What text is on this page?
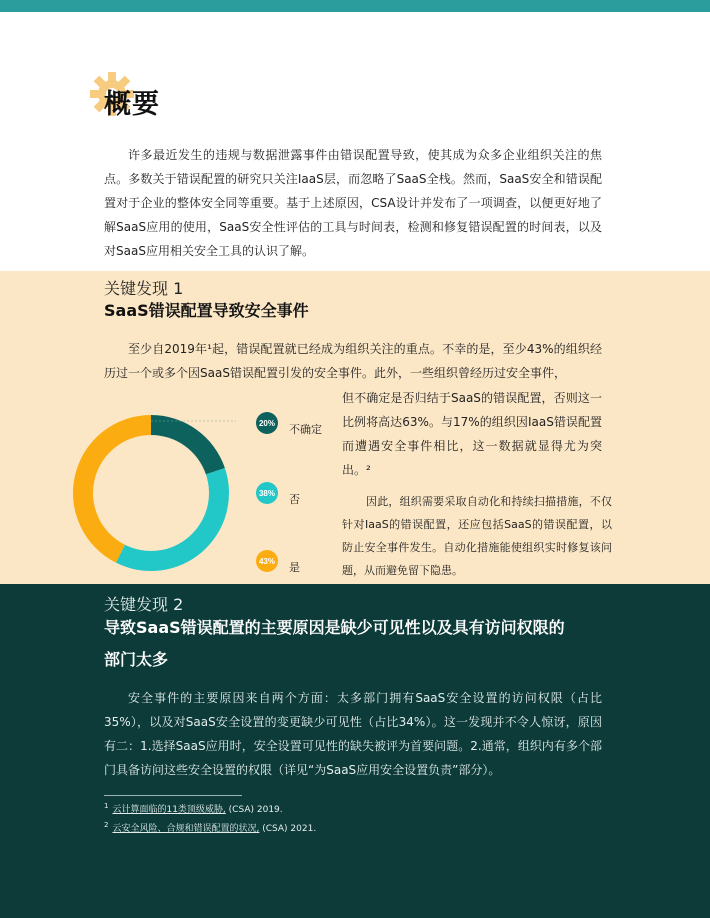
概要
许多最近发生的违规与数据泄露事件由错误配置导致，使其成为众多企业组织关注的焦点。多数关于错误配置的研究只关注IaaS层，而忽略了SaaS全栈。然而，SaaS安全和错误配置对于企业的整体安全同等重要。基于上述原因，CSA设计并发布了一项调查，以便更好地了解SaaS应用的使用，SaaS安全性评估的工具与时间表，检测和修复错误配置的时间表，以及对SaaS应用相关安全工具的认识了解。
关键发现 1
SaaS错误配置导致安全事件
至少自2019年¹起，错误配置就已经成为组织关注的重点。不幸的是，至少43%的组织经历过一个或多个因SaaS错误配置引发的安全事件。此外，一些组织曾经历过安全事件，
但不确定是否归结于SaaS的错误配置，否则这一比例将高达63%。与17%的组织因IaaS错误配置而遭遇安全事件相比，这一数据就显得尤为突出。²
因此，组织需要采取自动化和持续扫描措施，不仅针对IaaS的错误配置，还应包括SaaS的错误配置，以防止安全事件发生。自动化措施能使组织实时修复该问题，从而避免留下隐患。
20% 不确定
38% 否
43% 是
关键发现 2
导致SaaS错误配置的主要原因是缺少可见性以及具有访问权限的
部门太多
安全事件的主要原因来自两个方面：太多部门拥有SaaS安全设置的访问权限（占比35%），以及对SaaS安全设置的变更缺少可见性（占比34%）。这一发现并不令人惊讶，原因有二：1.选择SaaS应用时，安全设置可见性的缺失被评为首要问题。2.通常，组织内有多个部门具备访问这些安全设置的权限（详见“为SaaS应用安全设置负责”部分）。
$^1$ 云计算面临的11类顶级威胁, (CSA) 2019.
$^2$ 云安全风险、合规和错误配置的状况, (CSA) 2021.
